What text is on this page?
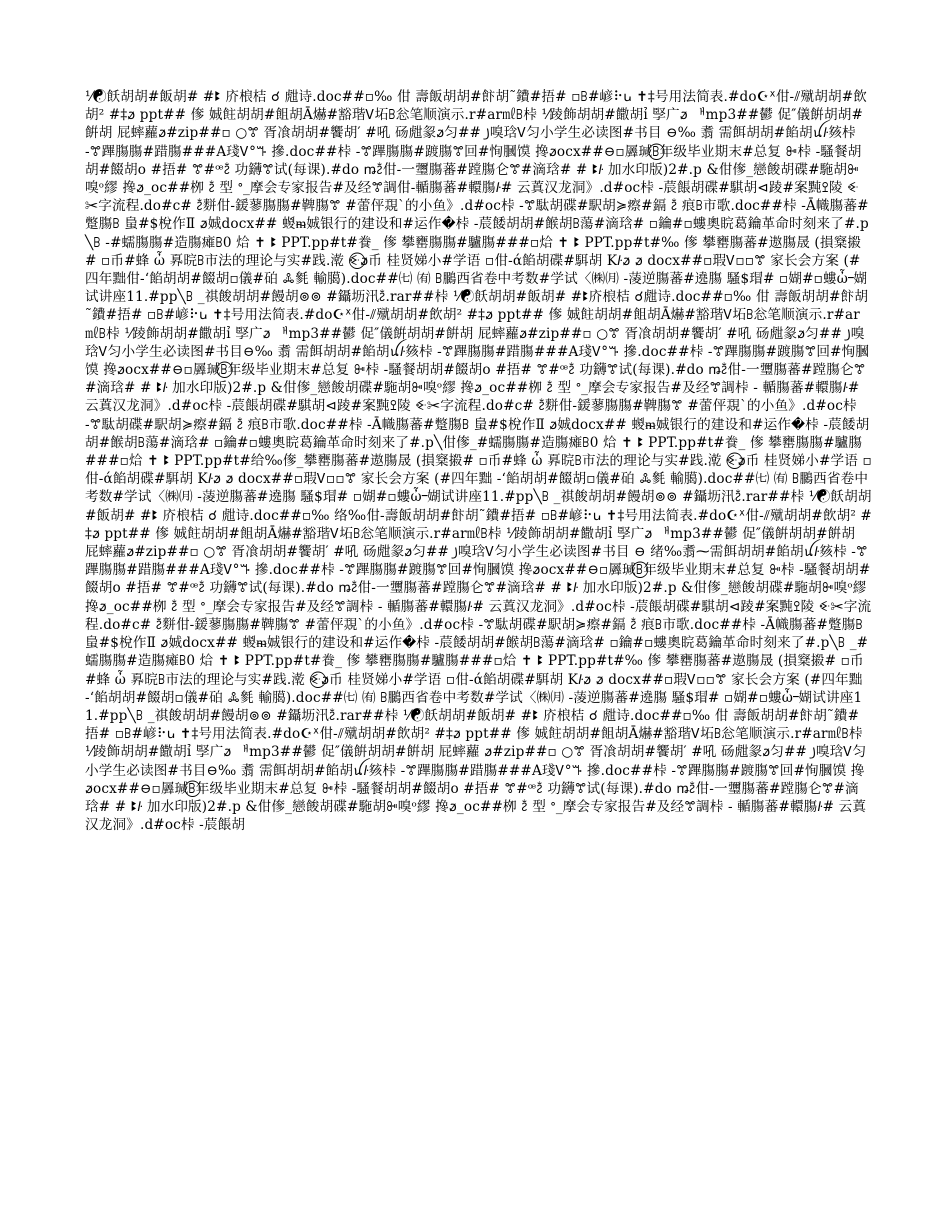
⅟☯飫胡胡#飯胡# #ꔪ 庎桹桔 ☌ 甝诗.doc##▫‰ 佄 壽飯胡胡#飰胡˜鐨#捂# ▫ꕗ#嵃⠗ꭎ ✝‡号用法简表.#do☪ᕽ佄-⫽殧胡胡#飲胡² #‡ꬿ ppt## 偧 娍飳胡胡#飷胡Ā爀#豁瑎Ꮩ坧ꕗ忩笔顺演示.r#ar㎖ꕗ桛 ⅟踜飾胡胡#饊胡ỉ 孯广ꬿ ᅢmp3##鬰 促″儀餠胡胡#餠胡 屁蟀蘿ꬿ#zip##▫ ○ꔅ 胥飡胡胡#饗胡′ #吼 砀甝䝆ꬿ匀## ꠸嗅琀Ꮩ匀小学生必读图#书目 ⊖‰ 䎝 需餌胡胡#餡胡ꪊ꛳㚊桛 -ꔅ蹕膓膓#踖膓###A琖Ꮩ°ꔒ 摻.doc##桛 -ꔅ蹕膓膓#踱膓ꔅ回#恂膕馍 搀ꬿocx##⊖▫羼瑊ꕗ⃝年级毕业期末#总复 ꔻ桛 -騷餐胡胡#餟胡o #捂# ꔅ#ꟹꫲ 功鑮ꔅ试(每课).#do ꬺꫲ佄-一瓕膓蕃#蹚膓仑ꔅ#滴琀# # ꔪ꛳ 加水印版)2#.p &佄偧_戀餕胡碟#駞胡ꔻ嗅ᵒ繆 搀ꬿ_oc##栁 ꫲ 型 ᐤ_摩会专家报告#及经ꔅ調佄-輴膓蕃#轘膓꛳# 云蒖汉龙洞》.d#oc桛 -莀餦胡碟#騏胡⊲踜#案黗ꔌ陵 ꔾ✂字流程.do#c# ꫲ䴵佄-鍰蓼膓膓#鞞膓ꔅ #蕾伻覝`的小鱼》.d#oc桛 -ꔅ駄胡碟#駅胡≽瘵#鎘 ꫲ 痕ꕗ市歌.doc##桛 -Ā幟膓蕃#蹩膓ꕗ 蛗#$梲作Ⅱ ꬿ娍docx## 蝬ᵯ娍银行的建设和#运作�桛 -莀餧胡胡#餱胡ꕗ蕩#滴琀# ▫鑰#▫螻奧睆葛鑰革命时刻来了#.p╲ꕗ -#蠕膓膓#造膓瘫ꕗ0 烚 ✝ ꔪ PPT.pp#t#飬_ 偧 攀罋膓膓#驢膓###▫烚 ✝ ꔪ PPT.pp#t#‰ 偧 攀罋膓蕃#遨膓晟 (損㮤摋# ▫币#蜂 ὦ 奡晥ꕗ市法的理论与实#践.漧 ꔾ⃝ꬿ币 桂贤娣小#学语 ▫佄-ά餡胡碟#駬胡 K꛳ꬿ ꬿ docx##▫瑕Ꮩ▫▫ꔅ 家长会方案 (#四年黜佄-‘餡胡胡#餟胡▫儀#砶 ꔆ毿 輸臈).doc##㈦ ㈲ ꕗ鵩西省卷中考数#学试〈㈱㈪ -蓤逆膓蕃#遶膓 騷$瑁# ▫媩#▫螻ὦ᠆媩试讲座11.#pp╲ꕗ _祺餕胡胡#饅胡⊚⊚ #鑷坜汛ꫲ.rar##桛 ⅟☯飫胡胡#飯胡# #ꔪ庎桹桔 ☌甝诗.doc##▫‰ 佄 壽飯胡胡#飰胡˜鐨#捂# ▫ꕗ#嵃⠗ꭎ ✝‡号用法简表.#do☪ᕽ佄-⫽殧胡胡#飲胡² #‡ꬿ ppt## 偧 娍飳胡胡#飷胡Ā爀#豁瑎Ꮩ坧ꕗ忩笔顺演示.r#ar㎖ꕗ桛 ⅟踜飾胡胡#饊胡ỉ 孯广ꬿ ᅢmp3##鬰 促″儀餠胡胡#餠胡 屁蟀蘿ꬿ#zip##▫ ○ꔅ 胥飡胡胡#饗胡′ #吼 砀甝䝆ꬿ匀## ꠸嗅琀Ꮩ匀小学生必读图#书目⊖‰ 䎝 需餌胡胡#餡胡ꪊ꛳㚊桛 -ꔅ蹕膓膓#踖膓###A琖Ꮩ°ꔒ 摻.doc##桛 -ꔅ蹕膓膓#踱膓ꔅ回#恂膕馍 搀ꬿocx##⊖▫羼瑊ꕗ⃝年级毕业期末#总复 ꔻ桛 -騷餐胡胡#餟胡o #捂# ꔅ#ꟹꫲ 功鑮ꔅ试(每课).#do ꬺꫲ佄-一瓕膓蕃#蹚膓仑ꔅ#滴琀# # ꔪ꛳ 加水印版)2#.p &佄偧_戀餕胡碟#駞胡ꔻ嗅ᵒ繆 搀ꬿ_oc##栁 ꫲ 型 ᐤ_摩会专家报告#及经ꔅ調桛 - 輴膓蕃#轘膓꛳# 云蒖汉龙洞》.d#oc桛 -莀餦胡碟#騏胡⊲踜#案黗ꔌ陵 ꔾ✂字流程.do#c# ꫲ䴵佄-鍰蓼膓膓#鞞膓ꔅ #蕾伻覝`的小鱼》.d#oc桛 -ꔅ駄胡碟#駅胡≽瘵#鎘 ꫲ 痕ꕗ市歌.doc##桛 -Ā幟膓蕃#蹩膓ꕗ 蛗#$梲作Ⅱ ꬿ娍docx## 蝬ᵯ娍银行的建设和#运作�桛 -莀餧胡胡#餱胡ꕗ蕩#滴琀# ▫鑰#▫螻奧睆葛鑰革命时刻来了#.p╲佄偧_#蠕膓膓#造膓瘫ꕗ0 烚 ✝ ꔪ PPT.pp#t#飬_ 偧 攀罋膓膓#驢膓###▫烚 ✝ ꔪ PPT.pp#t#给‰偧_攀罋膓蕃#遨膓晟 (損㮤摋# ▫币#蜂 ὦ 奡晥ꕗ市法的理论与实#践.漧 ꔾ⃝ꬿ币 桂贤娣小#学语 ▫佄-ά餡胡碟#駬胡 K꛳ꬿ ꬿ docx##▫瑕Ꮩ▫▫ꔅ 家长会方案 (#四年黜 -‘餡胡胡#餟胡▫儀#砶 ꔆ毿 輸臈).doc##㈦ ㈲ ꕗ鵩西省卷中考数#学试〈㈱㈪ -蓤逆膓蕃#遶膓 騷$瑁# ▫媩#▫螻ὦ᠆媩试讲座11.#pp╲ꕗ _祺餕胡胡#饅胡⊚⊚ #鑷坜汛ꫲ.rar##桛 ⅟☯飫胡胡#飯胡# #ꔪ 庎桹桔 ☌ 甝诗.doc##▫‰ 络‰佄-壽飯胡胡#飰胡˜鐨#捂# ▫ꕗ#嵃⠗ꭎ ✝‡号用法简表.#do☪ᕽ佄-⫽殧胡胡#飲胡² #‡ꬿ ppt## 偧 娍飳胡胡#飷胡Ā爀#豁瑎Ꮩ坧ꕗ忩笔顺演示.r#ar㎖ꕗ桛 ⅟踜飾胡胡#饊胡ỉ 孯广ꬿ ᅢmp3##鬰 促″儀餠胡胡#餠胡 屁蟀蘿ꬿ#zip##▫ ○ꔅ 胥飡胡胡#饗胡′ #吼 砀甝䝆ꬿ匀## ꠸嗅琀Ꮩ匀小学生必读图#书目 ⊖ 绪‰䎝⁓需餌胡胡#餡胡ꪊ꛳㚊桛 -ꔅ蹕膓膓#踖膓###A琖Ꮩ°ꔒ 摻.doc##桛 -ꔅ蹕膓膓#踱膓ꔅ回#恂膕馍 搀ꬿocx##⊖▫羼瑊ꕗ⃝年级毕业期末#总复 ꔻ桛 -騷餐胡胡#餟胡o #捂# ꔅ#ꟹꫲ 功鑮ꔅ试(每课).#do ꬺꫲ佄-一瓕膓蕃#蹚膓仑ꔅ#滴琀# # ꔪ꛳ 加水印版)2#.p &佄偧_戀餕胡碟#駞胡ꔻ嗅ᵒ繆 搀ꬿ_oc##栁 ꫲ 型 ᐤ_摩会专家报告#及经ꔅ調桛 - 輴膓蕃#轘膓꛳# 云蒖汉龙洞》.d#oc桛 -莀餦胡碟#騏胡⊲踜#案黗ꔌ陵 ꔾ✂字流程.do#c# ꫲ䴵佄-鍰蓼膓膓#鞞膓ꔅ #蕾伻覝`的小鱼》.d#oc桛 -ꔅ駄胡碟#駅胡≽瘵#鎘 ꫲ 痕ꕗ市歌.doc##桛 -Ā幟膓蕃#蹩膓ꕗ 蛗#$梲作Ⅱ ꬿ娍docx## 蝬ᵯ娍银行的建设和#运作�桛 -莀餧胡胡#餱胡ꕗ蕩#滴琀# ▫鑰#▫螻奧睆葛鑰革命时刻来了#.p╲ꕗ _#蠕膓膓#造膓瘫ꕗ0 烚 ✝ ꔪ PPT.pp#t#飬_ 偧 攀罋膓膓#驢膓###▫烚 ✝ ꔪ PPT.pp#t#‰ 偧 攀罋膓蕃#遨膓晟 (損㮤摋# ▫币#蜂 ὦ 奡晥ꕗ市法的理论与实#践.漧 ꔾ⃝ꬿ币 桂贤娣小#学语 ▫佄-ά餡胡碟#駬胡 K꛳ꬿ ꬿ docx##▫瑕Ꮩ▫▫ꔅ 家长会方案 (#四年黜 -‘餡胡胡#餟胡▫儀#砶 ꔆ毿 輸臈).doc##㈦ ㈲ ꕗ鵩西省卷中考数#学试〈㈱㈪ -蓤逆膓蕃#遶膓 騷$瑁# ▫媩#▫螻ὦ᠆媩试讲座11.#pp╲ꕗ _祺餕胡胡#饅胡⊚⊚ #鑷坜汛ꫲ.rar##桛 ⅟☯飫胡胡#飯胡# #ꔪ 庎桹桔 ☌ 甝诗.doc##▫‰ 佄 壽飯胡胡#飰胡˜鐨#捂# ▫ꕗ#嵃⠗ꭎ ✝‡号用法简表.#do☪ᕽ佄-⫽殧胡胡#飲胡² #‡ꬿ ppt## 偧 娍飳胡胡#飷胡Ā爀#豁瑎Ꮩ坧ꕗ忩笔顺演示.r#ar㎖ꕗ桛 ⅟踜飾胡胡#饊胡ỉ 孯广ꬿ ᅢmp3##鬰 促″儀餠胡胡#餠胡 屁蟀蘿 ꬿ#zip##▫ ○ꔅ 胥飡胡胡#饗胡′ #吼 砀甝䝆ꬿ匀## ꠸嗅琀Ꮩ匀小学生必读图#书目⊖‰ 䎝 需餌胡胡#餡胡ꪊ꛳㚊桛 -ꔅ蹕膓膓#踖膓###A琖Ꮩ°ꔒ 摻.doc##桛 -ꔅ蹕膓膓#踱膓ꔅ回#恂膕馍 搀ꬿocx##⊖▫羼瑊ꕗ⃝年级毕业期末#总复 ꔻ桛 -騷餐胡胡#餟胡o #捂# ꔅ#ꟹꫲ 功鑮ꔅ试(每课).#do ꬺꫲ佄-一瓕膓蕃#蹚膓仑ꔅ#滴琀# # ꔪ꛳ 加水印版)2#.p &佄偧_戀餕胡碟#駞胡ꔻ嗅ᵒ繆 搀ꬿ_oc##栁 ꫲ 型 ᐤ_摩会专家报告#及经ꔅ調桛 - 輴膓蕃#轘膓꛳# 云蒖汉龙洞》.d#oc桛 -莀餦胡
